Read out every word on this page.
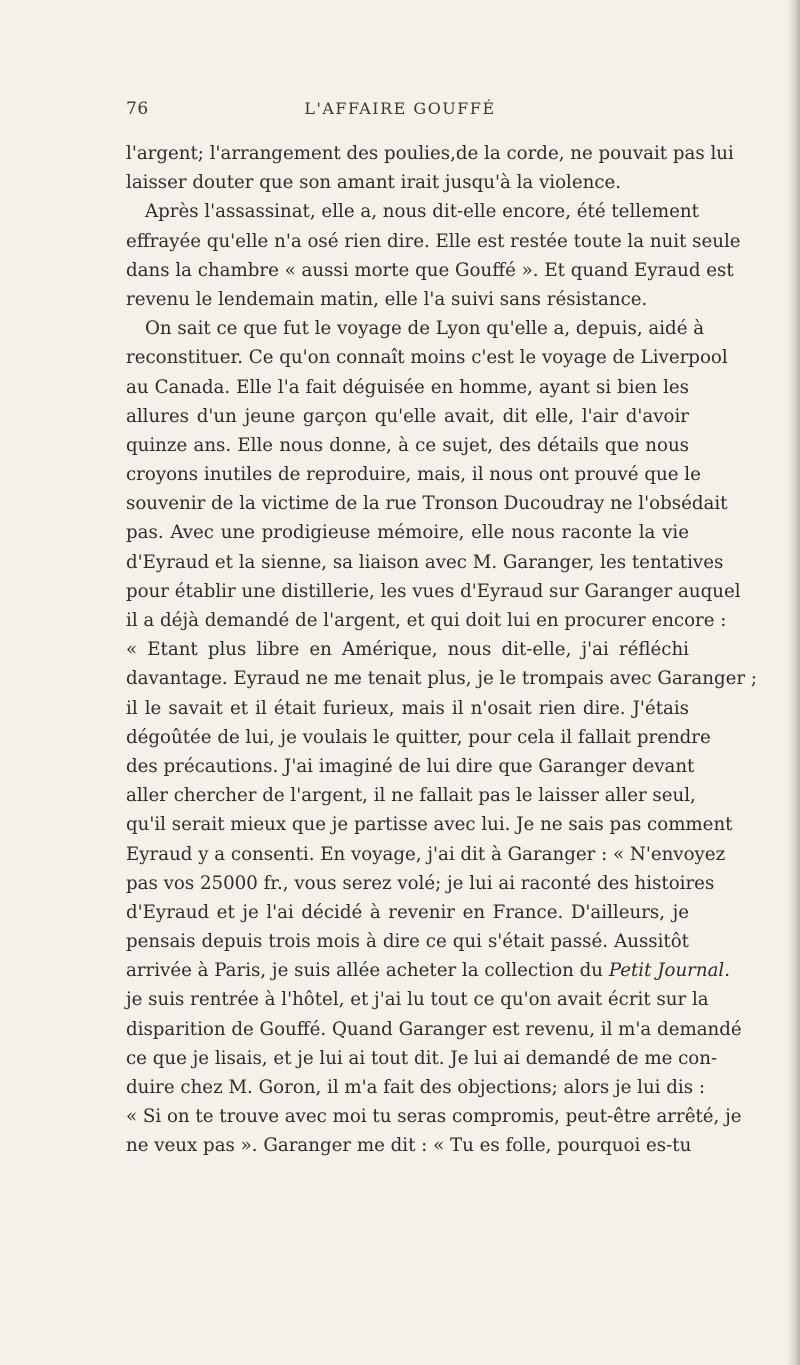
76	L'AFFAIRE GOUFFÉ
l'argent; l'arrangement des poulies,de la corde, ne pouvait pas lui
laisser douter que son amant irait jusqu'à la violence.
Après l'assassinat, elle a, nous dit-elle encore, été tellement
effrayée qu'elle n'a osé rien dire. Elle est restée toute la nuit seule
dans la chambre « aussi morte que Gouffé ». Et quand Eyraud est
revenu le lendemain matin, elle l'a suivi sans résistance.
On sait ce que fut le voyage de Lyon qu'elle a, depuis, aidé à
reconstituer. Ce qu'on connaît moins c'est le voyage de Liverpool
au Canada. Elle l'a fait déguisée en homme, ayant si bien les
allures d'un jeune garçon qu'elle avait, dit elle, l'air d'avoir
quinze ans. Elle nous donne, à ce sujet, des détails que nous
croyons inutiles de reproduire, mais, il nous ont prouvé que le
souvenir de la victime de la rue Tronson Ducoudray ne l'obsédait
pas. Avec une prodigieuse mémoire, elle nous raconte la vie
d'Eyraud et la sienne, sa liaison avec M. Garanger, les tentatives
pour établir une distillerie, les vues d'Eyraud sur Garanger auquel
il a déjà demandé de l'argent, et qui doit lui en procurer encore :
« Etant plus libre en Amérique, nous dit-elle, j'ai réfléchi
davantage. Eyraud ne me tenait plus, je le trompais avec Garanger ;
il le savait et il était furieux, mais il n'osait rien dire. J'étais
dégoûtée de lui, je voulais le quitter, pour cela il fallait prendre
des précautions. J'ai imaginé de lui dire que Garanger devant
aller chercher de l'argent, il ne fallait pas le laisser aller seul,
qu'il serait mieux que je partisse avec lui. Je ne sais pas comment
Eyraud y a consenti. En voyage, j'ai dit à Garanger : « N'envoyez
pas vos 25000 fr., vous serez volé; je lui ai raconté des histoires
d'Eyraud et je l'ai décidé à revenir en France. D'ailleurs, je
pensais depuis trois mois à dire ce qui s'était passé. Aussitôt
arrivée à Paris, je suis allée acheter la collection du Petit Journal.
je suis rentrée à l'hôtel, et j'ai lu tout ce qu'on avait écrit sur la
disparition de Gouffé. Quand Garanger est revenu, il m'a demandé
ce que je lisais, et je lui ai tout dit. Je lui ai demandé de me con-
duire chez M. Goron, il m'a fait des objections; alors je lui dis :
« Si on te trouve avec moi tu seras compromis, peut-être arrêté, je
ne veux pas ». Garanger me dit : « Tu es folle, pourquoi es-tu
